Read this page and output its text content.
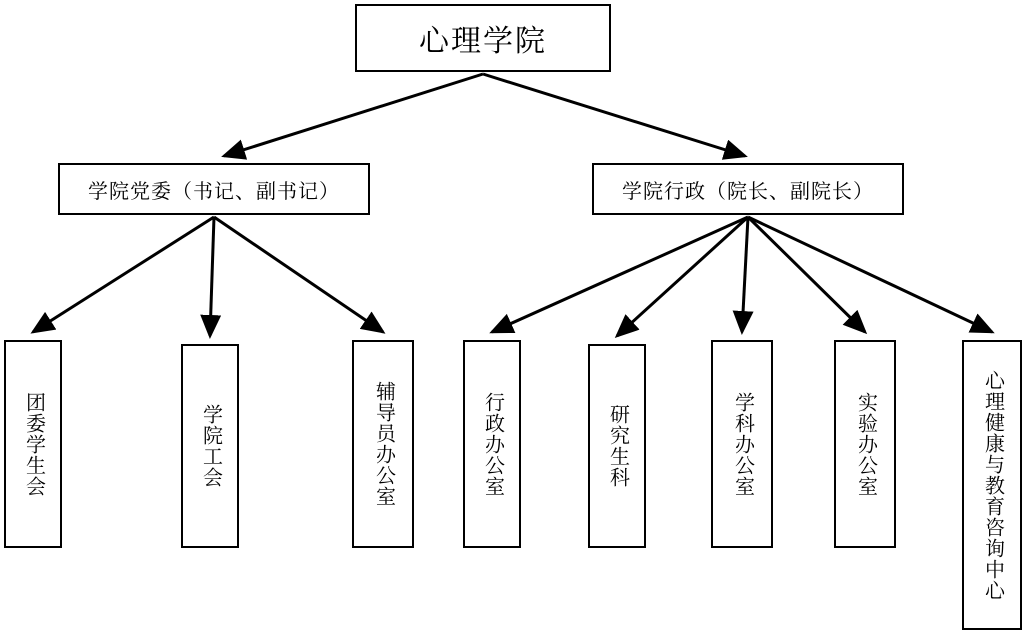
心理学院
学院党委（书记、副书记）	学院行政（院长、副院长）
团委学生会	学院工会	辅导员办公室	行政办公室	研究生科	学科办公室	实验办公室	心理健康与教育咨询中心
